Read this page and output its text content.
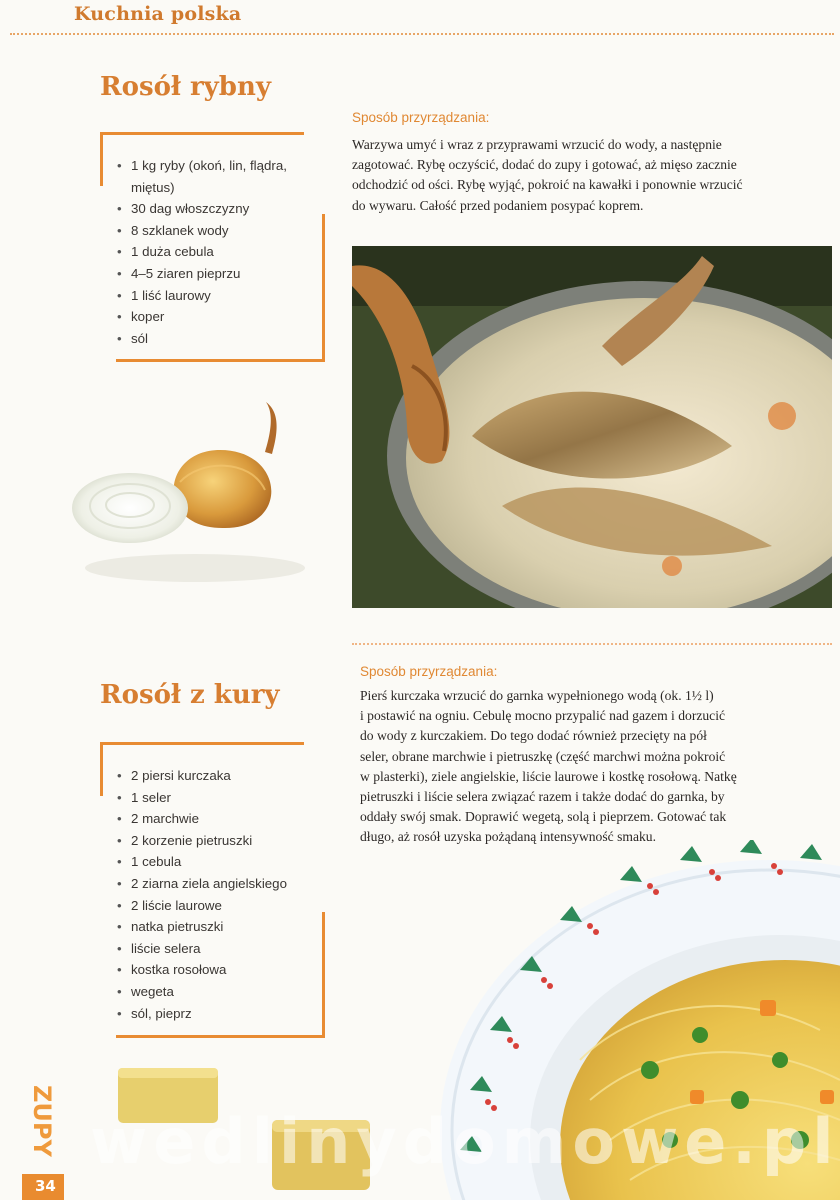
Kuchnia polska
Rosół rybny
• 1 kg ryby (okoń, lin, flądra,
miętus)
• 30 dag włoszczyzny
• 8 szklanek wody
• 1 duża cebula
• 4–5 ziaren pieprzu
• 1 liść laurowy
• koper
• sól
Sposób przyrządzania:
Warzywa umyć i wraz z przyprawami wrzucić do wody, a następnie
zagotować. Rybę oczyścić, dodać do zupy i gotować, aż mięso zacznie
odchodzić od ości. Rybę wyjąć, pokroić na kawałki i ponownie wrzucić
do wywaru. Całość przed podaniem posypać koprem.
Rosół z kury
• 2 piersi kurczaka
• 1 seler
• 2 marchwie
• 2 korzenie pietruszki
• 1 cebula
• 2 ziarna ziela angielskiego
• 2 liście laurowe
• natka pietruszki
• liście selera
• kostka rosołowa
• wegeta
• sól, pieprz
Sposób przyrządzania:
Pierś kurczaka wrzucić do garnka wypełnionego wodą (ok. 1½ l)
i postawić na ogniu. Cebulę mocno przypalić nad gazem i dorzucić
do wody z kurczakiem. Do tego dodać również przecięty na pół
seler, obrane marchwie i pietruszkę (część marchwi można pokroić
w plasterki), ziele angielskie, liście laurowe i kostkę rosołową. Natkę
pietruszki i liście selera związać razem i także dodać do garnka, by
oddały swój smak. Doprawić wegetą, solą i pieprzem. Gotować tak
długo, aż rosół uzyska pożądaną intensywność smaku.
wedlinydomowe.pl
ZUPY
34
